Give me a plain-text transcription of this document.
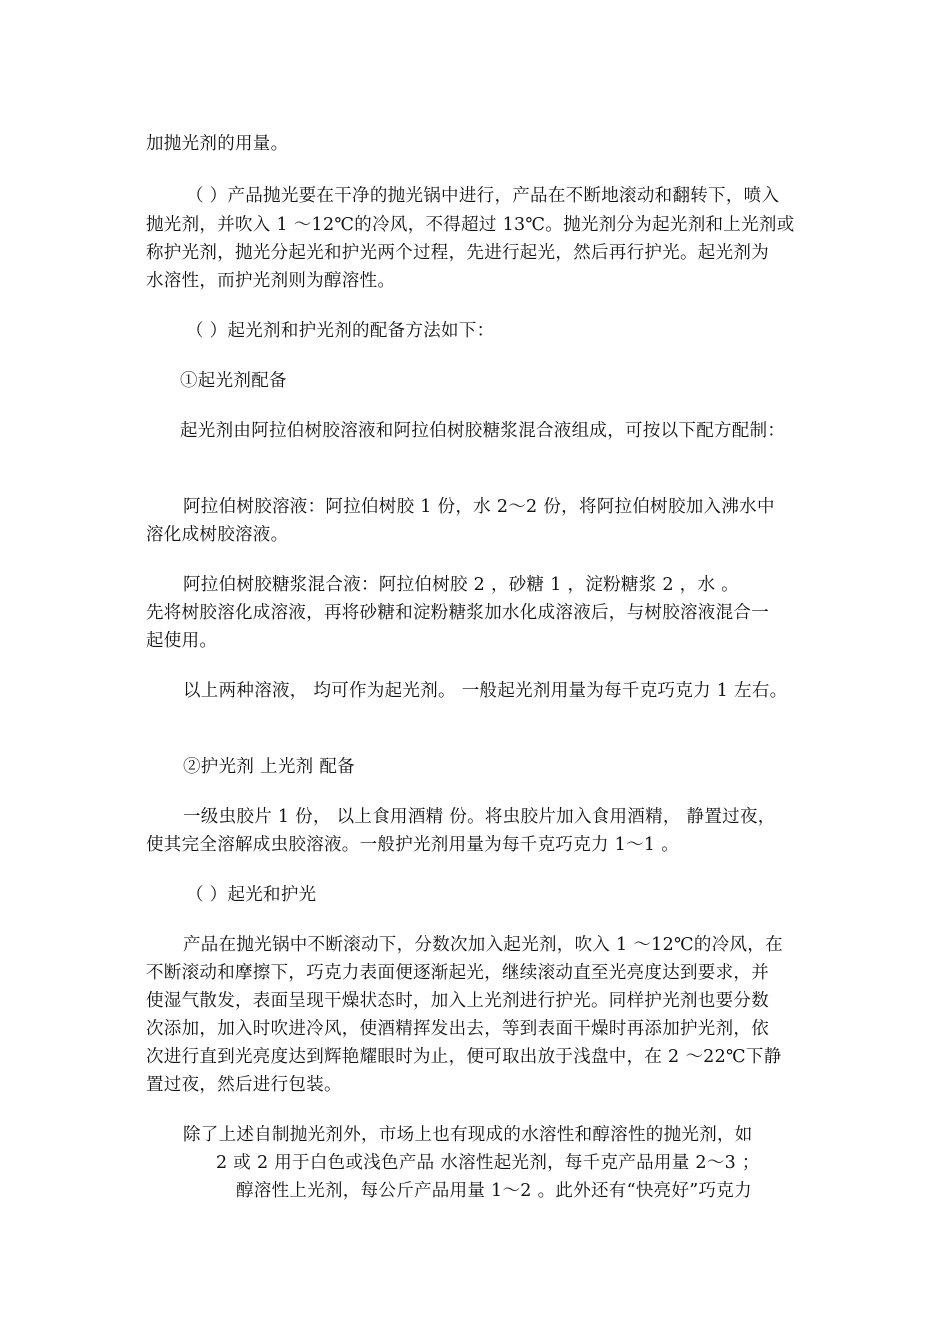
加抛光剂的用量。
（ ）产品抛光要在干净的抛光锅中进行，产品在不断地滚动和翻转下，喷入
抛光剂，并吹入 1 ～12℃的冷风，不得超过 13℃。抛光剂分为起光剂和上光剂或
称护光剂，抛光分起光和护光两个过程，先进行起光，然后再行护光。起光剂为
水溶性，而护光剂则为醇溶性。
（ ）起光剂和护光剂的配备方法如下：
①起光剂配备
起光剂由阿拉伯树胶溶液和阿拉伯树胶糖浆混合液组成，可按以下配方配制：
阿拉伯树胶溶液：阿拉伯树胶 1 份，水 2～2 份，将阿拉伯树胶加入沸水中
溶化成树胶溶液。
阿拉伯树胶糖浆混合液：阿拉伯树胶 2 ，砂糖 1 ，淀粉糖浆 2 ，水 。
先将树胶溶化成溶液，再将砂糖和淀粉糖浆加水化成溶液后，与树胶溶液混合一
起使用。
以上两种溶液， 均可作为起光剂。 一般起光剂用量为每千克巧克力 1 左右。
②护光剂 上光剂 配备
一级虫胶片 1 份， 以上食用酒精 份。将虫胶片加入食用酒精， 静置过夜，
使其完全溶解成虫胶溶液。一般护光剂用量为每千克巧克力 1～1 。
（ ）起光和护光
产品在抛光锅中不断滚动下，分数次加入起光剂，吹入 1 ～12℃的冷风，在
不断滚动和摩擦下，巧克力表面便逐渐起光，继续滚动直至光亮度达到要求，并
使湿气散发，表面呈现干燥状态时，加入上光剂进行护光。同样护光剂也要分数
次添加，加入时吹进冷风，使酒精挥发出去，等到表面干燥时再添加护光剂，依
次进行直到光亮度达到辉艳耀眼时为止，便可取出放于浅盘中，在 2 ～22℃下静
置过夜，然后进行包装。
除了上述自制抛光剂外，市场上也有现成的水溶性和醇溶性的抛光剂，如
2 或 2 用于白色或浅色产品 水溶性起光剂，每千克产品用量 2～3 ；
醇溶性上光剂，每公斤产品用量 1～2 。此外还有“快亮好”巧克力
